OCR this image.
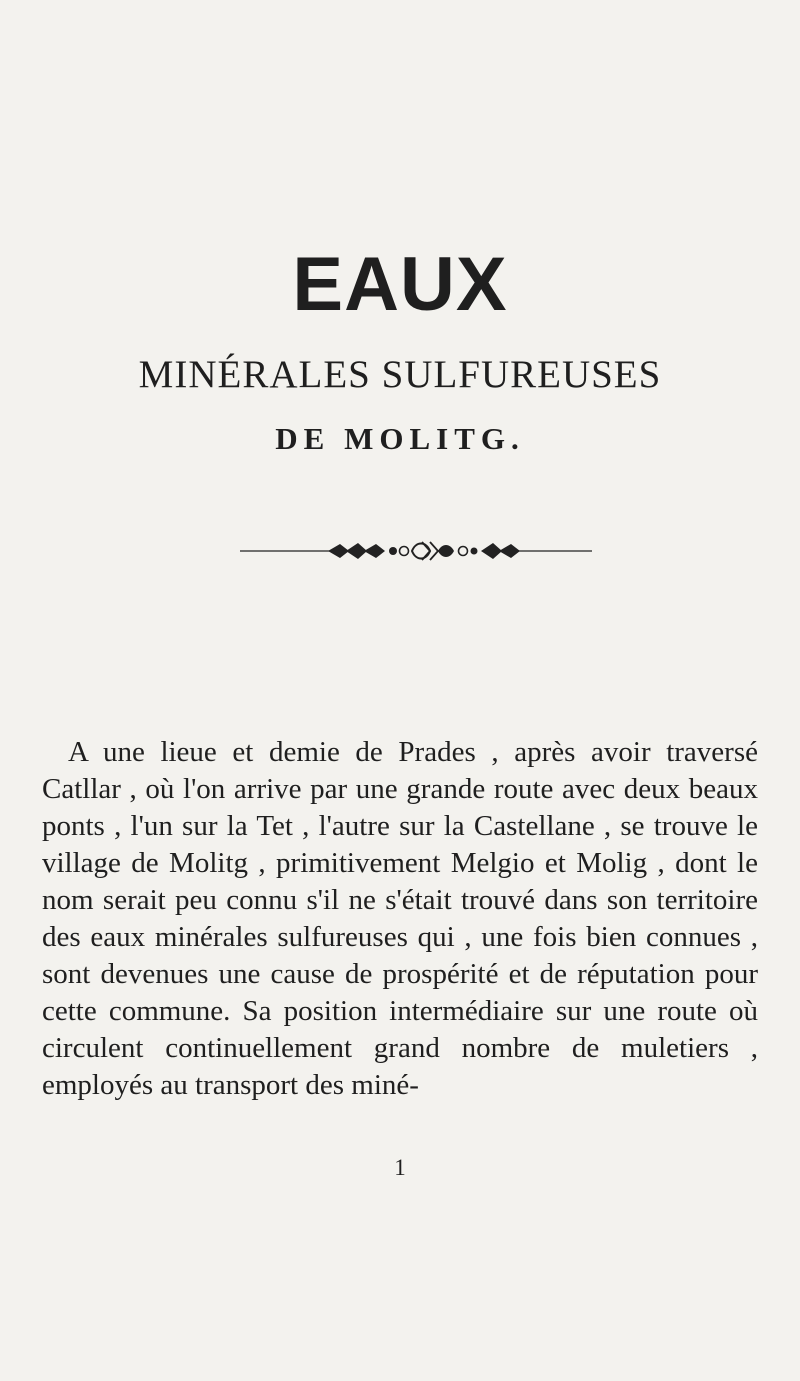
EAUX
MINÉRALES SULFUREUSES
DE MOLITG.
A une lieue et demie de Prades , après avoir traversé Catllar , où l'on arrive par une grande route avec deux beaux ponts , l'un sur la Tet , l'autre sur la Castellane , se trouve le village de Molitg , primitivement Melgio et Molig , dont le nom serait peu connu s'il ne s'était trouvé dans son territoire des eaux minérales sulfureuses qui , une fois bien connues , sont devenues une cause de prospérité et de réputation pour cette commune. Sa position intermédiaire sur une route où circulent continuellement grand nombre de muletiers , employés au transport des miné-
1
